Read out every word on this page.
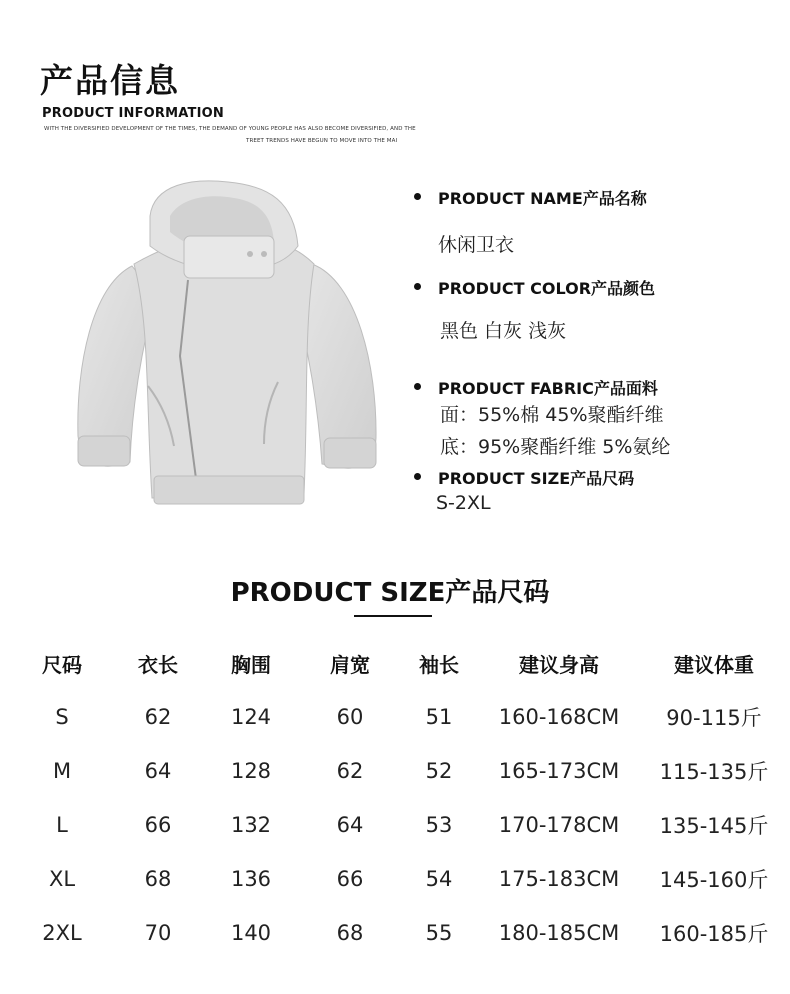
产品信息
PRODUCT INFORMATION
WITH THE DIVERSIFIED DEVELOPMENT OF THE TIMES, THE DEMAND OF YOUNG PEOPLE HAS ALSO BECOME DIVERSIFIED, AND THE
TREET TRENDS HAVE BEGUN TO MOVE INTO THE MAI
PRODUCT NAME产品名称
休闲卫衣
PRODUCT COLOR产品颜色
黑色 白灰 浅灰
PRODUCT FABRIC产品面料
面：55%棉 45%聚酯纤维
底：95%聚酯纤维 5%氨纶
PRODUCT SIZE产品尺码
S-2XL
PRODUCT SIZE产品尺码
尺码	衣长	胸围	肩宽	袖长	建议身高	建议体重
S	62	124	60	51	160-168CM	90-115斤
M	64	128	62	52	165-173CM	115-135斤
L	66	132	64	53	170-178CM	135-145斤
XL	68	136	66	54	175-183CM	145-160斤
2XL	70	140	68	55	180-185CM	160-185斤
